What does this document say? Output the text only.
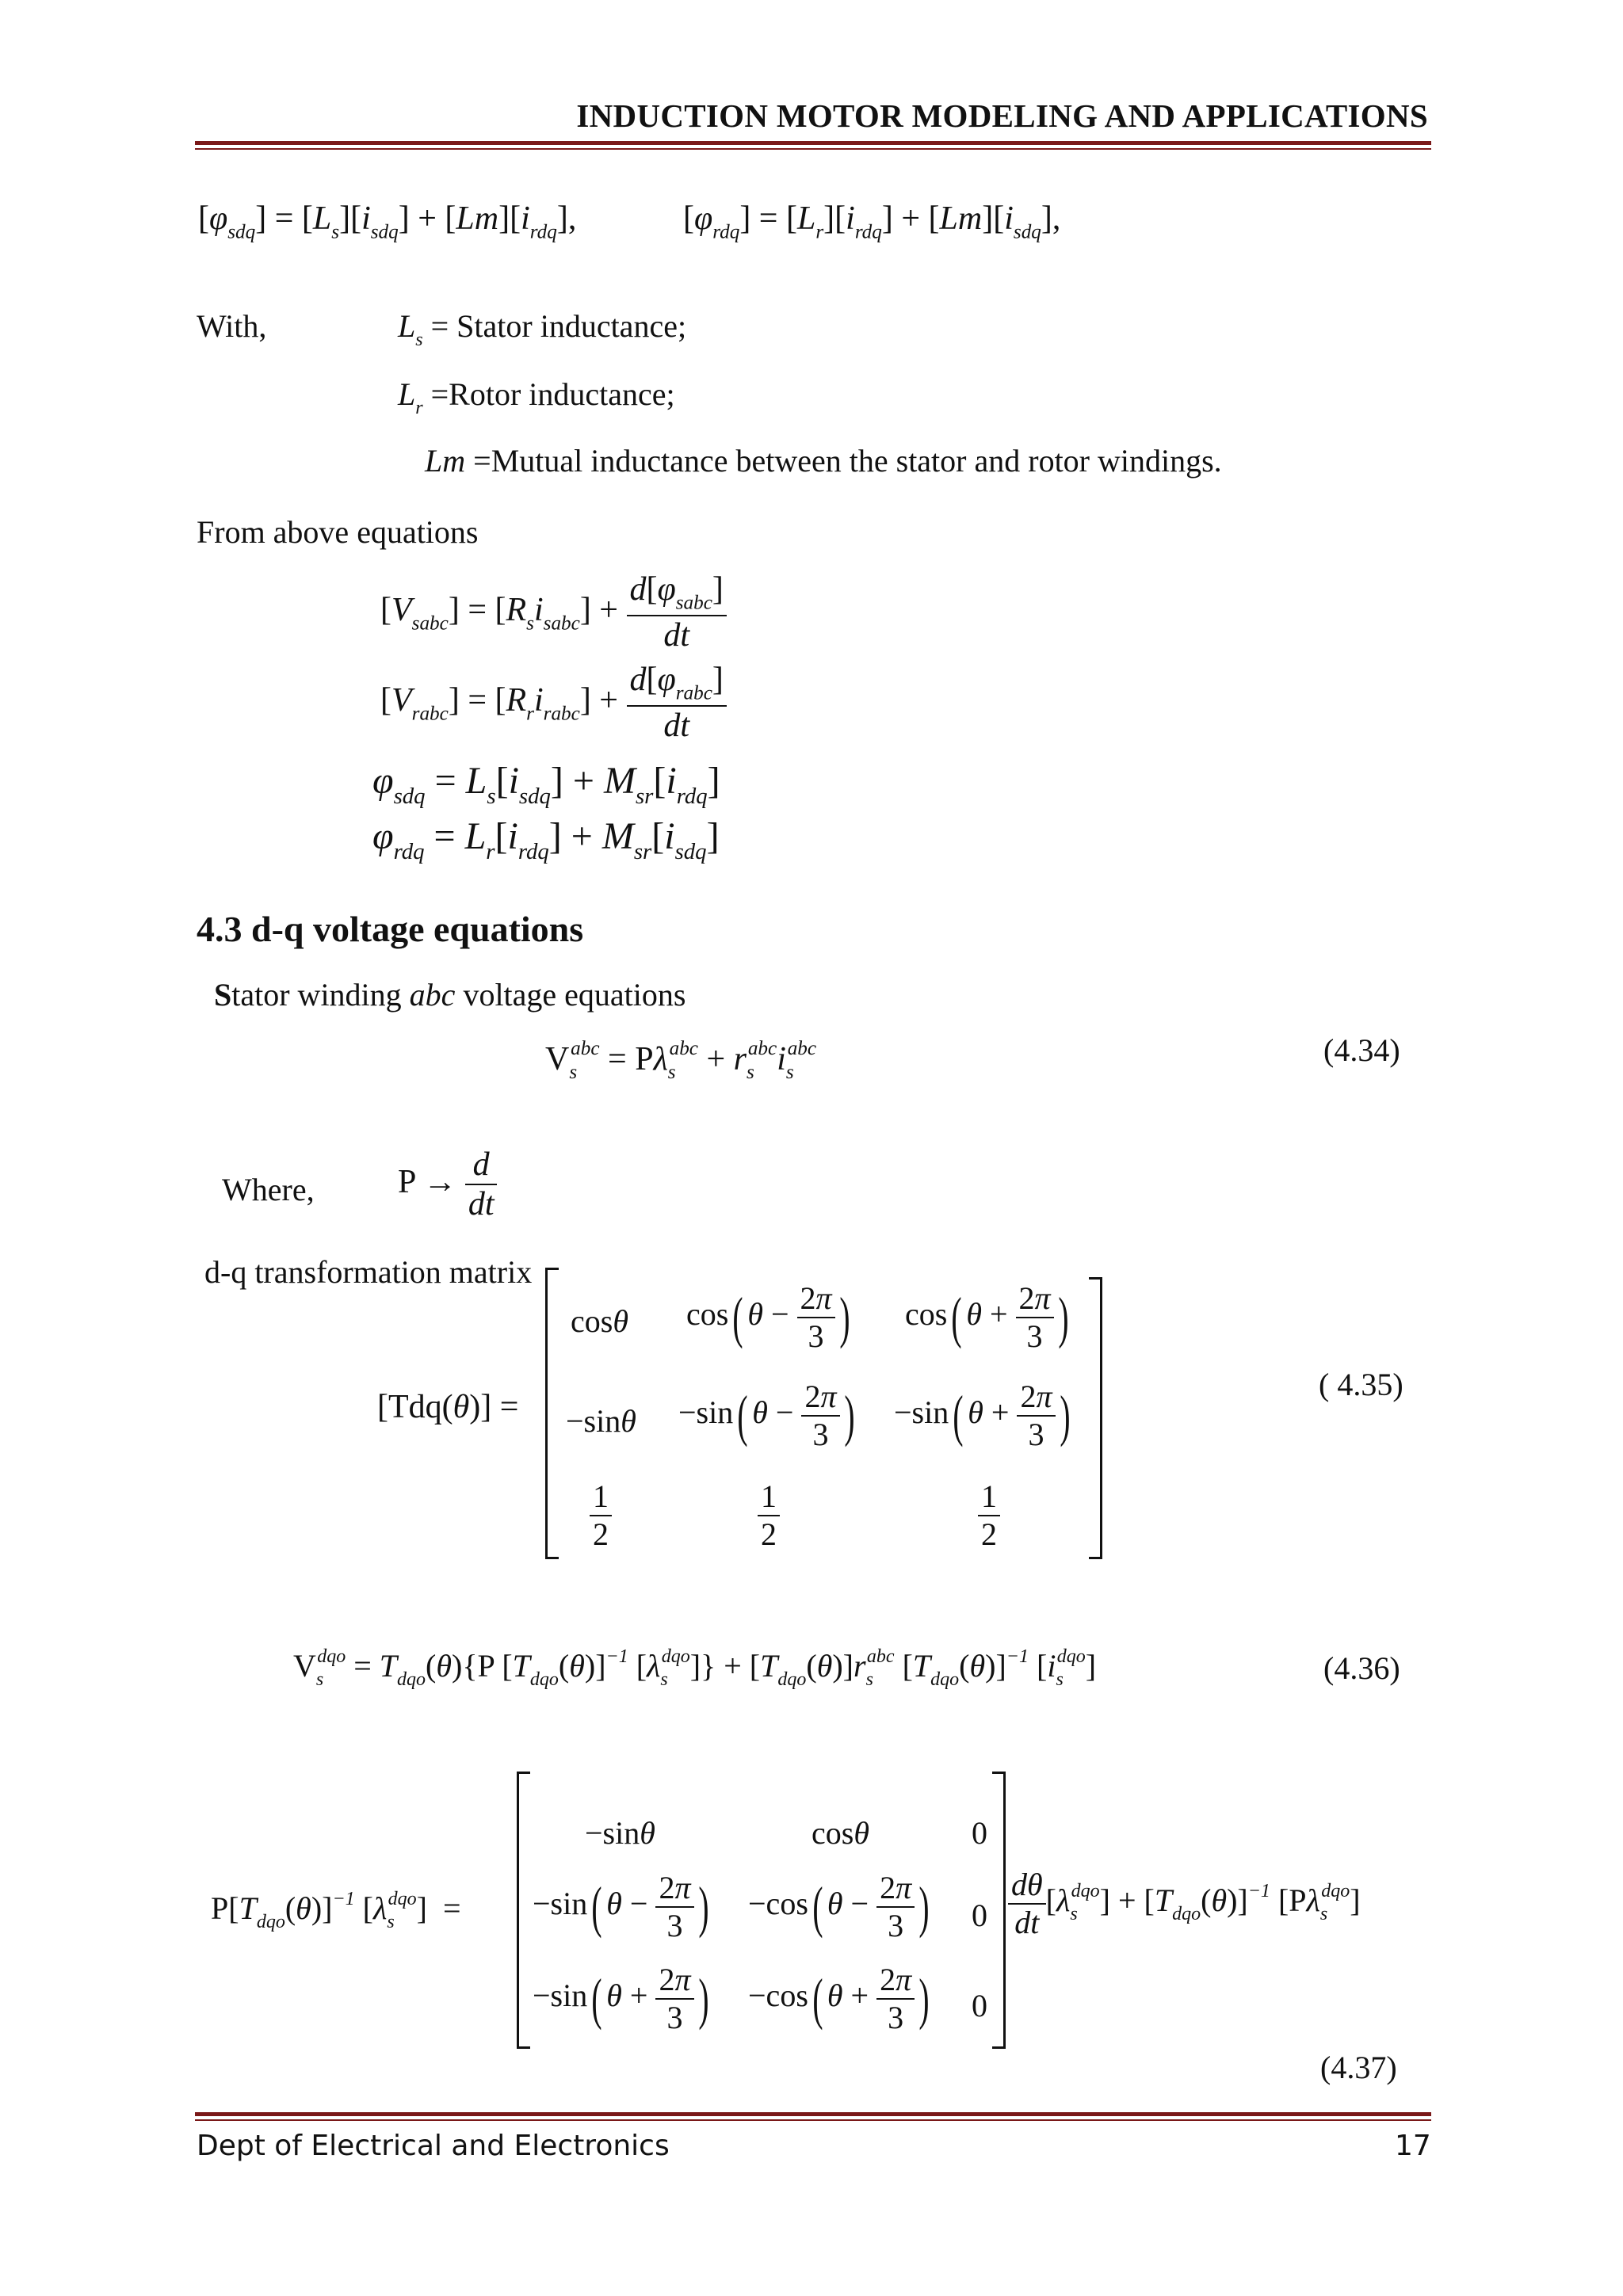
INDUCTION MOTOR MODELING AND APPLICATIONS
$[\varphi_{sdq}] = [L_s][i_{sdq}] + [Lm][i_{rdq}]$,	$[\varphi_{rdq}] = [L_r][i_{rdq}] + [Lm][i_{sdq}]$,
With,	$L_s$ = Stator inductance;
$L_r$ =Rotor inductance;
Lm =Mutual inductance between the stator and rotor windings.
From above equations
$[V_{sabc}] = [R_si_{sabc}] + \frac{d[\varphi_{sabc}]}{dt}$
$[V_{rabc}] = [R_ri_{rabc}] + \frac{d[\varphi_{rabc}]}{dt}$
$\varphi_{sdq} = L_s[i_{sdq}] + M_{sr}[i_{rdq}]$
$\varphi_{rdq} = L_r[i_{rdq}] + M_{sr}[i_{sdq}]$
4.3 d-q voltage equations
Stator winding abc voltage equations
$V_s^{abc} = P\lambda_s^{abc} + r_s^{abc}i_s^{abc}$	(4.34)
Where,	$P \to \frac{d}{dt}$
d-q transformation matrix
[Tdq(θ)] =
cosθ cos( $\theta - \frac{2\pi}{3}$ ) cos( $\theta + \frac{2\pi}{3}$ )
−sinθ −sin( $\theta - \frac{2\pi}{3}$ ) −sin( $\theta + \frac{2\pi}{3}$ )
$\frac{1}{2}$	$\frac{1}{2}$	$\frac{1}{2}$
( 4.35)
$V_s^{dqo} = T_{dqo}(\theta)\{P$ $[T_{dqo}(\theta)]^{-1}$ $[\lambda_s^{dqo}]\} + [T_{dqo}(\theta)]r_s^{abc}$ $[T_{dqo}(\theta)]^{-1}$ $[i_s^{dqo}]$	(4.36)
$P[T_{dqo}(\theta)]^{-1}$ $[\lambda_s^{dqo}]$  =
−sinθ	cosθ	0
−sin( $\theta - \frac{2\pi}{3}$ ) −cos( $\theta - \frac{2\pi}{3}$ ) 0
−sin( $\theta + \frac{2\pi}{3}$ ) −cos( $\theta + \frac{2\pi}{3}$ ) 0
$\frac{d\theta}{dt} [\lambda_s^{dqo}] + [T_{dqo}(\theta)]^{-1}$ $[P\lambda_s^{dqo}]$
(4.37)
Dept of Electrical and Electronics	17
